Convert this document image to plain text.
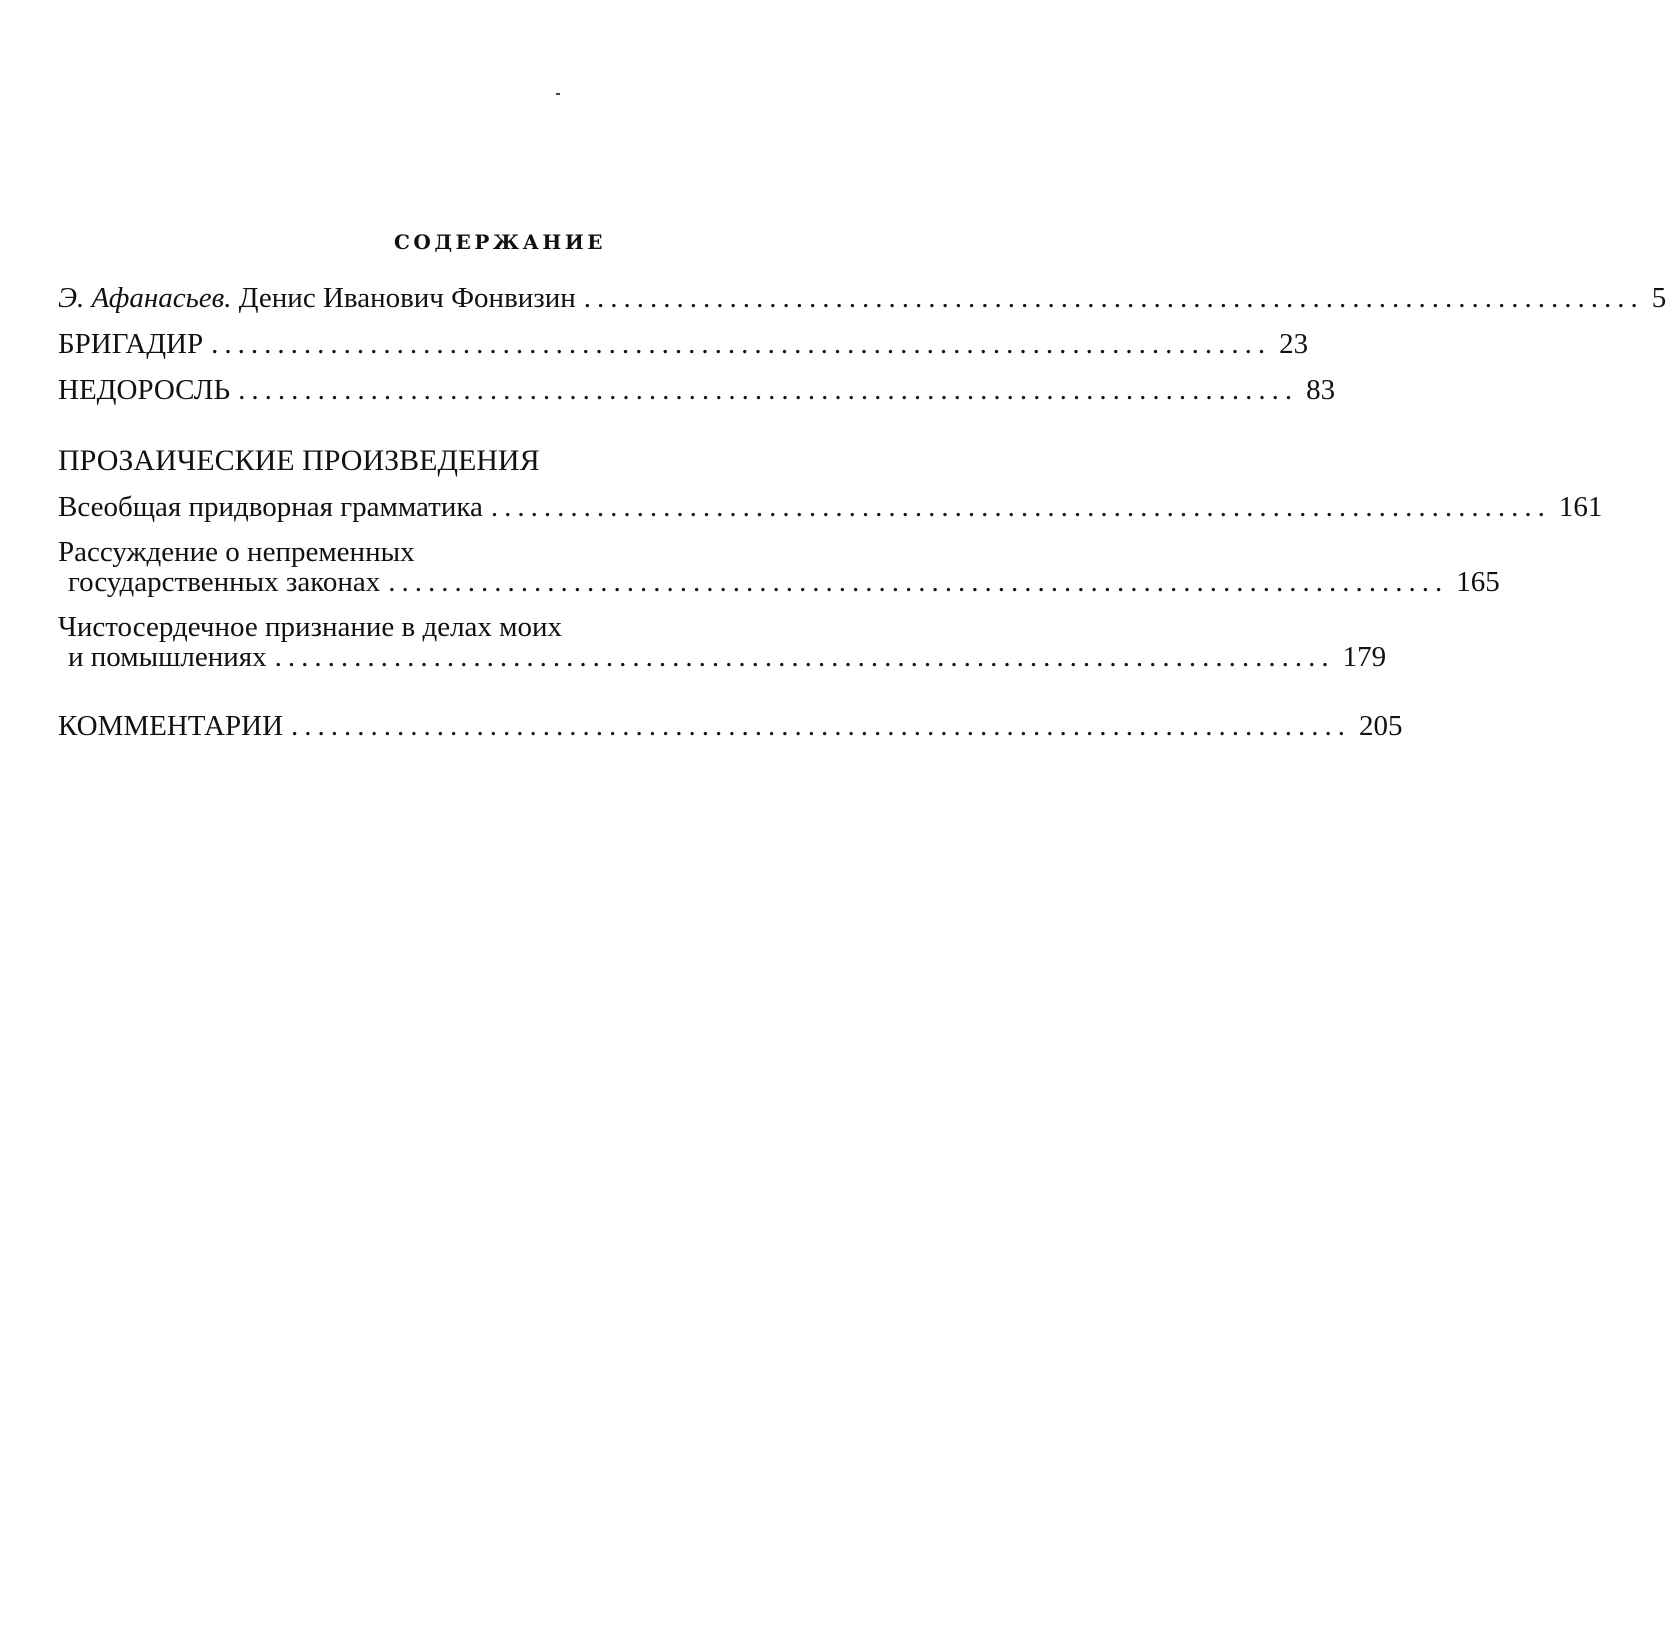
СОДЕРЖАНИЕ
Э. Афанасьев. Денис Иванович Фонвизин ................................................................................ 5
БРИГАДИР ................................................................................ 23
НЕДОРОСЛЬ ................................................................................ 83
ПРОЗАИЧЕСКИЕ ПРОИЗВЕДЕНИЯ
Всеобщая придворная грамматика ................................................................................ 161
Рассуждение о непременных
государственных законах ................................................................................ 165
Чистосердечное признание в делах моих
и помышлениях ................................................................................ 179
КОММЕНТАРИИ ................................................................................ 205
